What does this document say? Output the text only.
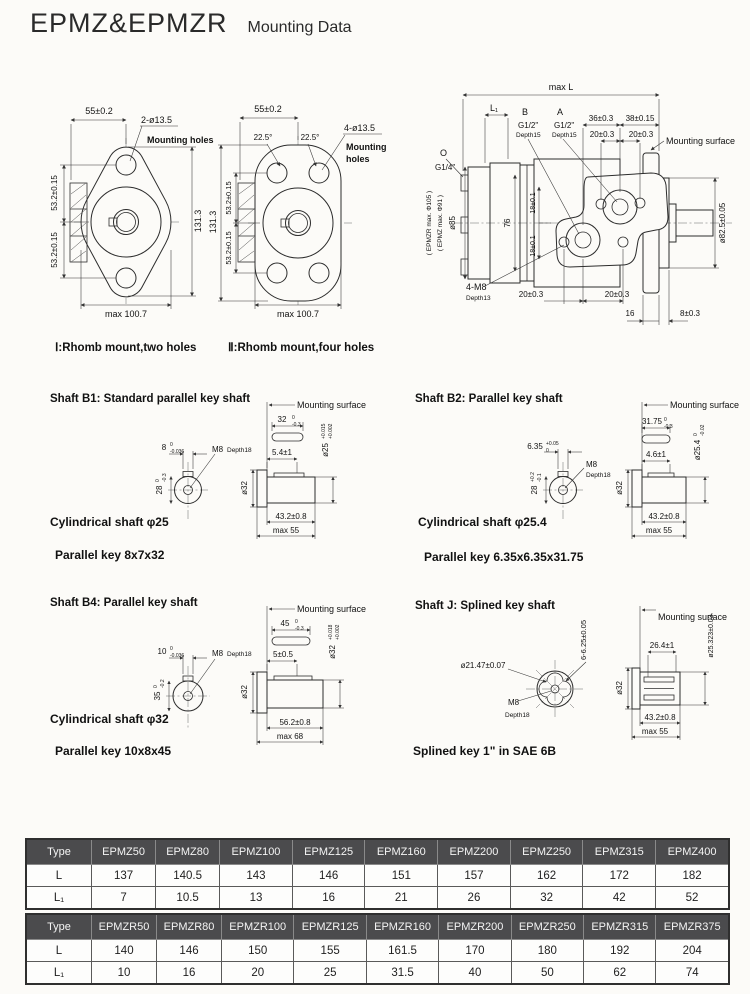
EPMZ&EPMZR Mounting Data
55±0.2
2-ø13.5
Mounting holes
53.2±0.15
53.2±0.15
131.3
max 100.7
55±0.2
22.5°	22.5°
4-ø13.5
Mounting
holes
131.3
53.2±0.15
53.2±0.15
max 100.7
Ⅰ:Rhomb mount,two holes	Ⅱ:Rhomb mount,four holes
max L
36±0.3 38±0.15
20±0.3 20±0.3
L₁	B
G1/2"
Depth15
A
G1/2"
Depth15
O
G1/4"
( EPMZR max. Φ105 ) ( EPMZ max. Φ91 ) ø85	76
18±0.1
18±0.1
4-M8
Depth13	20±0.3	20±0.3
16	8±0.3
Mounting surface
ø82.5±0.05
Shaft B1: Standard parallel key shaft
8 0
-0.036	M8 Depth18
28
0 -0.3
32 0
-0.3
5.4±1	ø25
+0.015 +0.002
ø32
43.2±0.8
max 55
Mounting surface
Cylindrical shaft φ25
Parallel key 8x7x32
Shaft B2: Parallel key shaft
6.35 +0.05
0
M8
Depth18
28
+0.2 -0.1
31.75 0
-0.3
4.6±1	ø25.4
0 -0.02
ø32
43.2±0.8
max 55
Mounting surface
Cylindrical shaft φ25.4
Parallel key 6.35x6.35x31.75
Shaft B4: Parallel key shaft
10 0
-0.036	M8 Depth18
35
0 -0.2
45 0
-0.3
5±0.5	ø32
+0.018 +0.002
ø32
56.2±0.8
max 68
Mounting surface
Cylindrical shaft φ32
Parallel key 10x8x45
Shaft J: Splined key shaft
ø21.47±0.07
6-6.25±0.05
M8
Depth18
Mounting surface
26.4±1	ø25.323±0.03
ø32
43.2±0.8
max 55
Splined key 1" in SAE 6B
Type	EPMZ50	EPMZ80	EPMZ100	EPMZ125	EPMZ160	EPMZ200	EPMZ250	EPMZ315	EPMZ400
L	137	140.5	143	146	151	157	162	172	182
L₁	7	10.5	13	16	21	26	32	42	52
Type	EPMZR50	EPMZR80	EPMZR100	EPMZR125	EPMZR160	EPMZR200	EPMZR250	EPMZR315	EPMZR375
L	140	146	150	155	161.5	170	180	192	204
L₁	10	16	20	25	31.5	40	50	62	74
